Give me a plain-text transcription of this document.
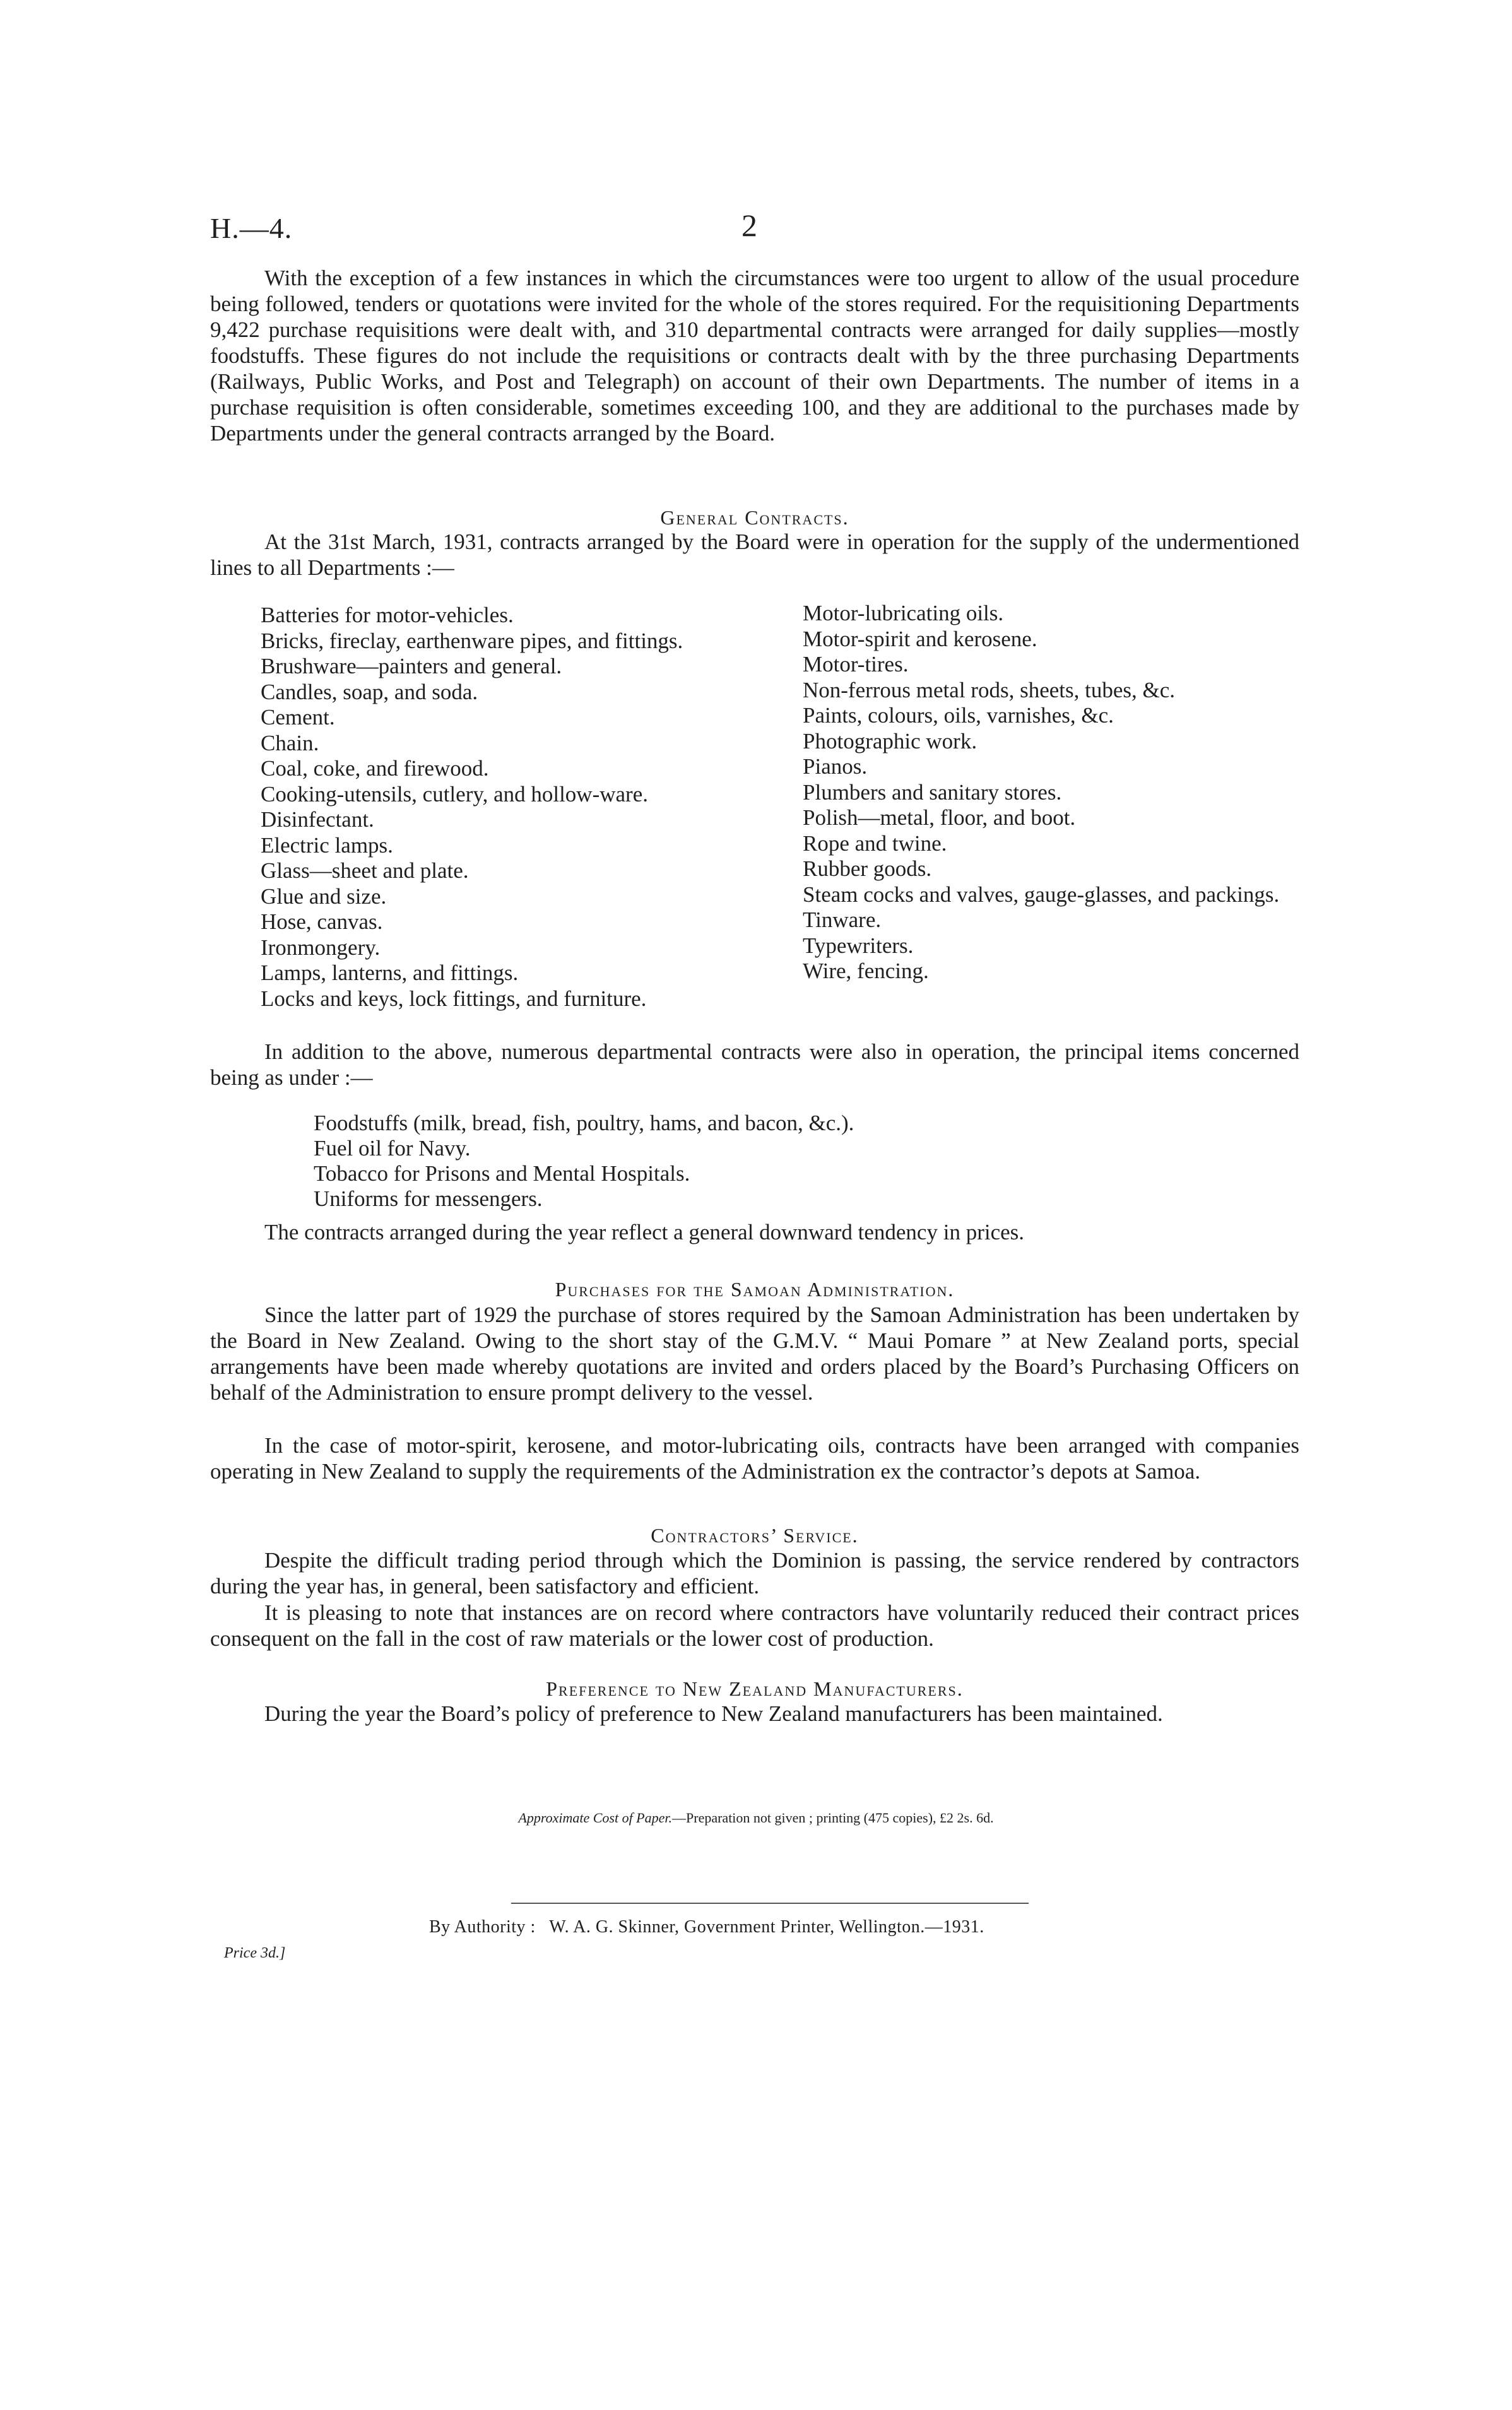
H.—4.	2

With the exception of a few instances in which the circumstances were too urgent to allow of the usual procedure being followed, tenders or quotations were invited for the whole of the stores required. For the requisitioning Departments 9,422 purchase requisitions were dealt with, and 310 departmental contracts were arranged for daily supplies—mostly foodstuffs. These figures do not include the requisitions or contracts dealt with by the three purchasing Departments (Railways, Public Works, and Post and Telegraph) on account of their own Departments. The number of items in a purchase requisition is often considerable, sometimes exceeding 100, and they are additional to the purchases made by Departments under the general contracts arranged by the Board.

General Contracts.

At the 31st March, 1931, contracts arranged by the Board were in operation for the supply of the undermentioned lines to all Departments :—

Batteries for motor-vehicles.
Bricks, fireclay, earthenware pipes, and fittings.
Brushware—painters and general.
Candles, soap, and soda.
Cement.
Chain.
Coal, coke, and firewood.
Cooking-utensils, cutlery, and hollow-ware.
Disinfectant.
Electric lamps.
Glass—sheet and plate.
Glue and size.
Hose, canvas.
Ironmongery.
Lamps, lanterns, and fittings.
Locks and keys, lock fittings, and furniture.
Motor-lubricating oils.
Motor-spirit and kerosene.
Motor-tires.
Non-ferrous metal rods, sheets, tubes, &c.
Paints, colours, oils, varnishes, &c.
Photographic work.
Pianos.
Plumbers and sanitary stores.
Polish—metal, floor, and boot.
Rope and twine.
Rubber goods.
Steam cocks and valves, gauge-glasses, and packings.
Tinware.
Typewriters.
Wire, fencing.

In addition to the above, numerous departmental contracts were also in operation, the principal items concerned being as under :—

Foodstuffs (milk, bread, fish, poultry, hams, and bacon, &c.).
Fuel oil for Navy.
Tobacco for Prisons and Mental Hospitals.
Uniforms for messengers.

The contracts arranged during the year reflect a general downward tendency in prices.

Purchases for the Samoan Administration.

Since the latter part of 1929 the purchase of stores required by the Samoan Administration has been undertaken by the Board in New Zealand. Owing to the short stay of the G.M.V. “ Maui Pomare ” at New Zealand ports, special arrangements have been made whereby quotations are invited and orders placed by the Board’s Purchasing Officers on behalf of the Administration to ensure prompt delivery to the vessel.

In the case of motor-spirit, kerosene, and motor-lubricating oils, contracts have been arranged with companies operating in New Zealand to supply the requirements of the Administration ex the contractor’s depots at Samoa.

Contractors’ Service.

Despite the difficult trading period through which the Dominion is passing, the service rendered by contractors during the year has, in general, been satisfactory and efficient.

It is pleasing to note that instances are on record where contractors have voluntarily reduced their contract prices consequent on the fall in the cost of raw materials or the lower cost of production.

Preference to New Zealand Manufacturers.

During the year the Board’s policy of preference to New Zealand manufacturers has been maintained.

Approximate Cost of Paper.—Preparation not given ; printing (475 copies), £2 2s. 6d.
By Authority : W. A. G. Skinner, Government Printer, Wellington.—1931.
Price 3d.]
